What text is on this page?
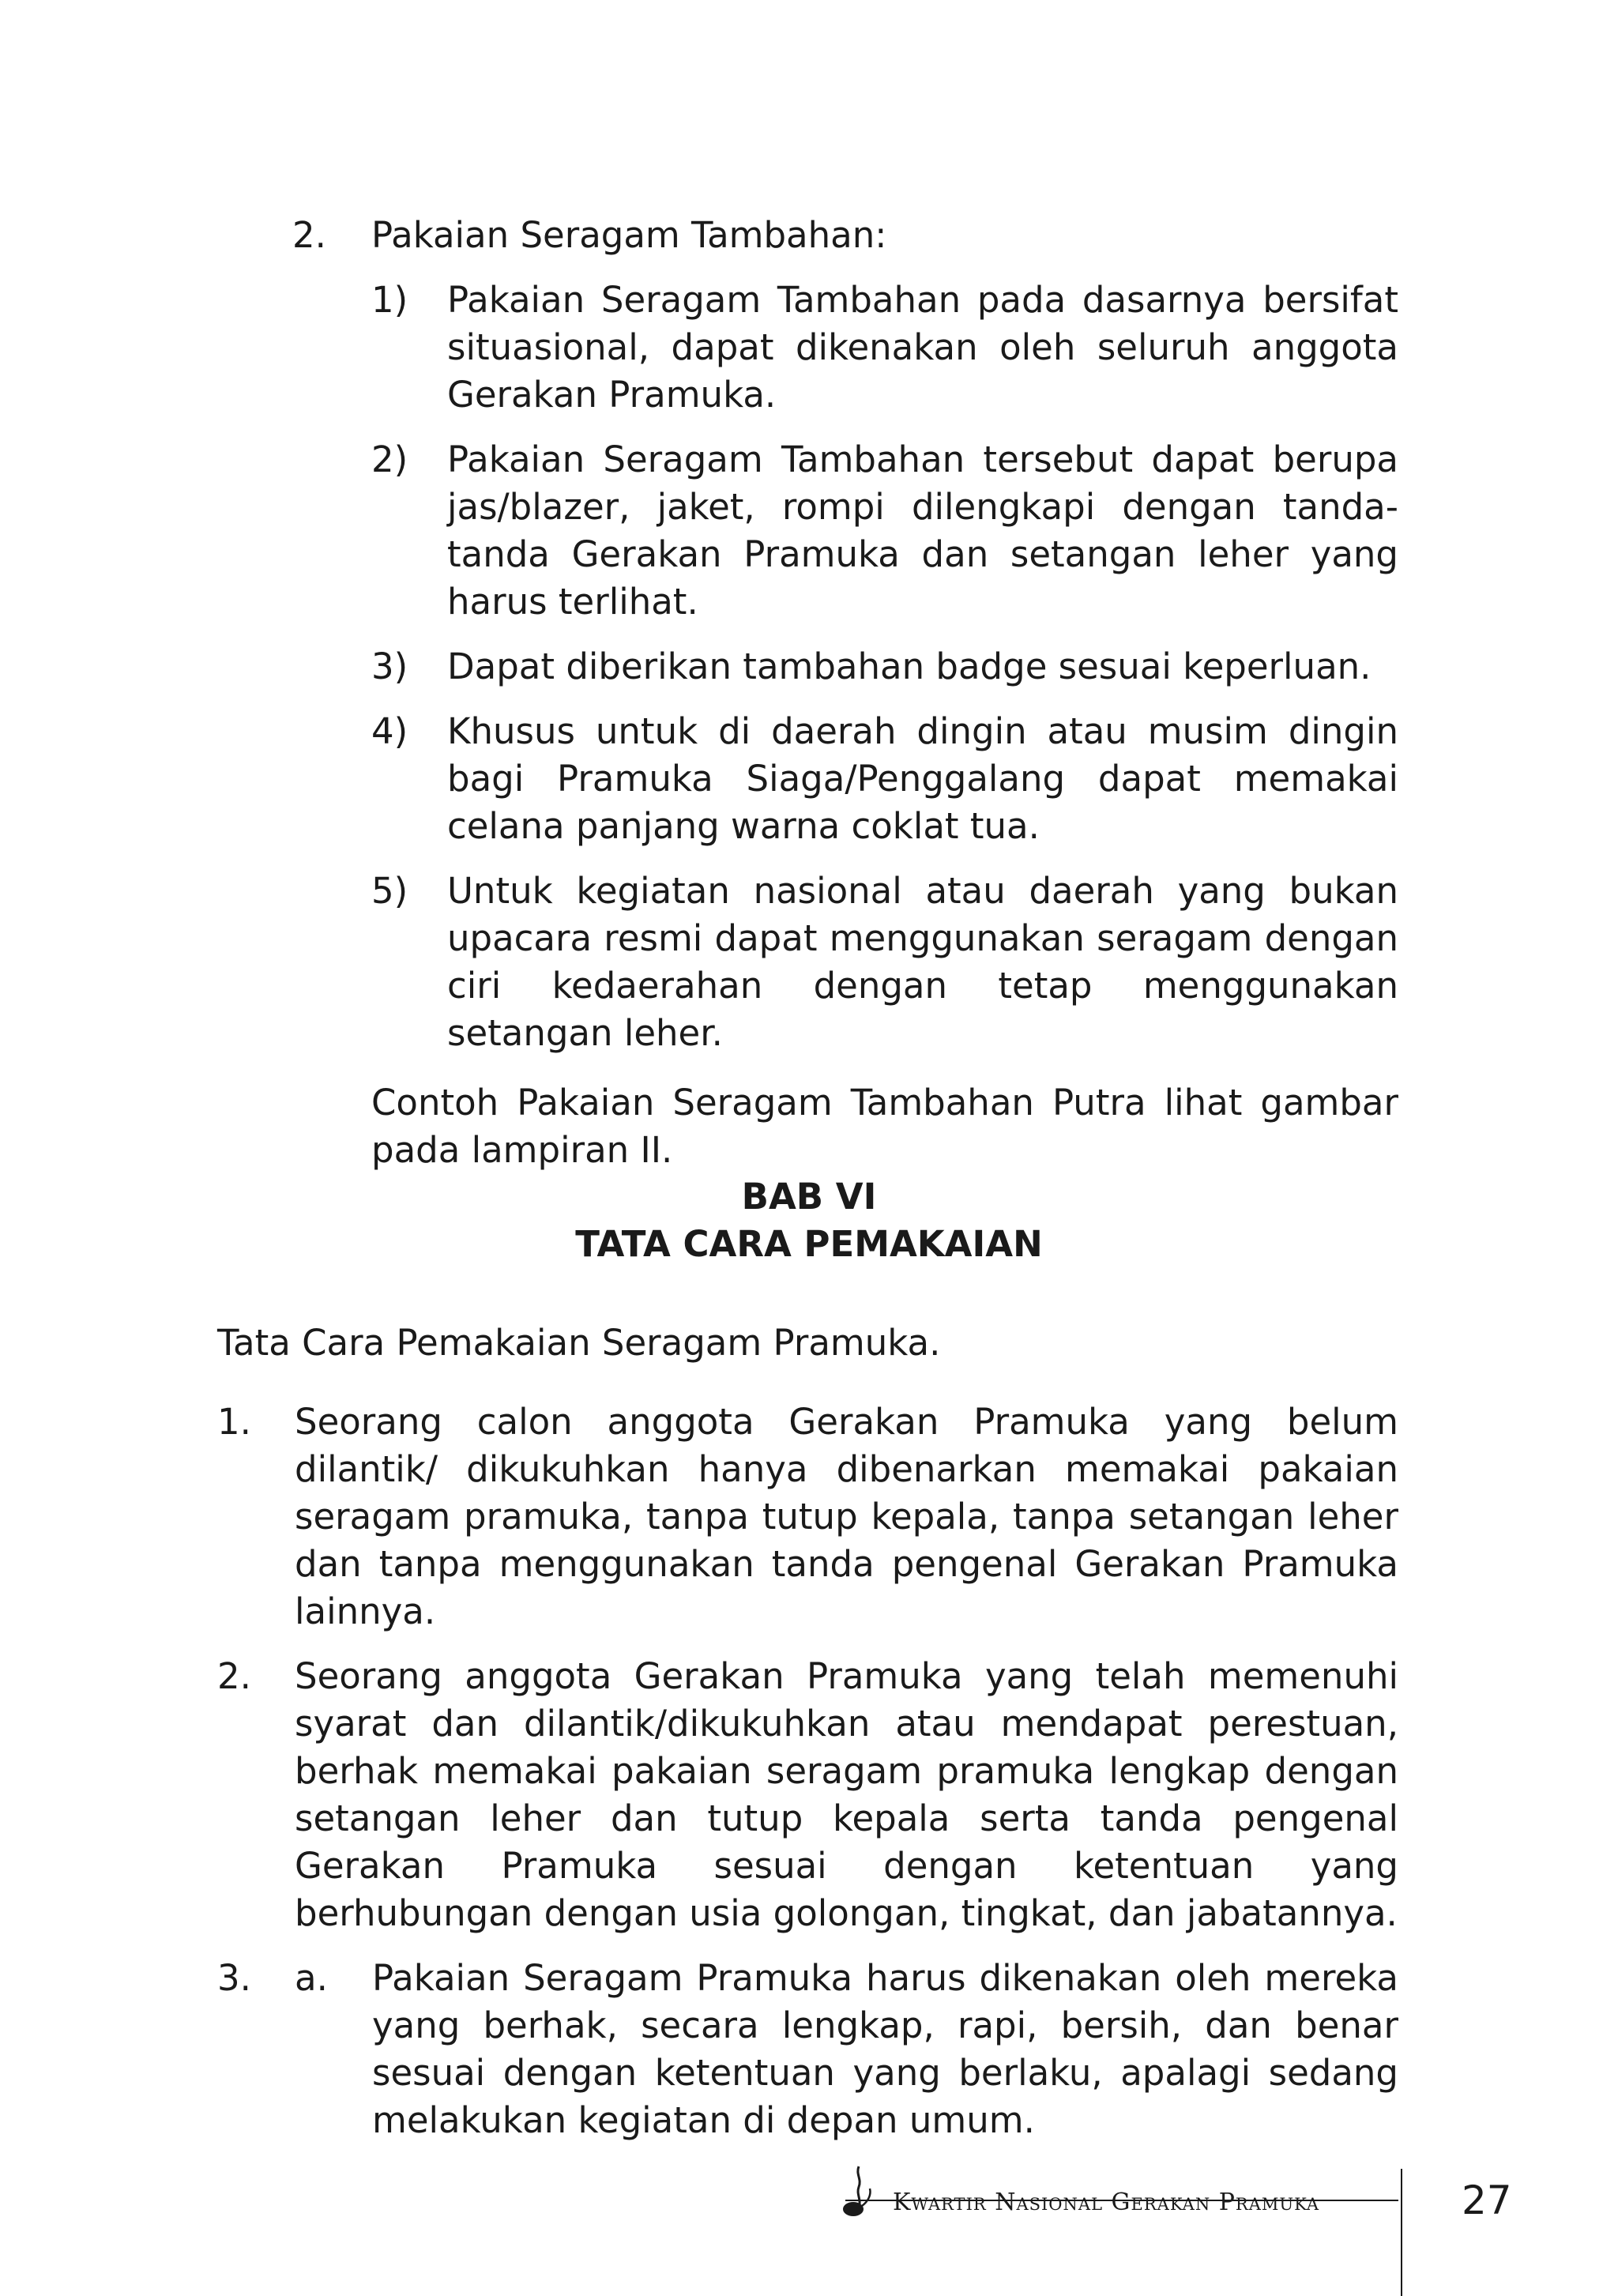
2.	Pakaian Seragam Tambahan:
1)	Pakaian Seragam Tambahan pada dasarnya bersifat situasional, dapat dikenakan oleh seluruh anggota Gerakan Pramuka.
2)	Pakaian Seragam Tambahan tersebut dapat berupa jas/blazer, jaket, rompi dilengkapi dengan tanda-tanda Gerakan Pramuka dan setangan leher yang harus terlihat.
3)	Dapat diberikan tambahan badge sesuai keperluan.
4)	Khusus untuk di daerah dingin atau musim dingin bagi Pramuka Siaga/Penggalang dapat memakai celana panjang warna coklat tua.
5)	Untuk kegiatan nasional atau daerah yang bukan upacara resmi dapat menggunakan seragam dengan ciri kedaerahan dengan tetap menggunakan setangan leher.
Contoh Pakaian Seragam Tambahan Putra lihat gambar pada lampiran II.
BAB VI
TATA CARA PEMAKAIAN
Tata Cara Pemakaian Seragam Pramuka.
1.	Seorang calon anggota Gerakan Pramuka yang belum dilantik/ dikukuhkan hanya dibenarkan memakai pakaian seragam pramuka, tanpa tutup kepala, tanpa setangan leher dan tanpa menggunakan tanda pengenal Gerakan Pramuka lainnya.
2.	Seorang anggota Gerakan Pramuka yang telah memenuhi syarat dan dilantik/dikukuhkan atau mendapat perestuan, berhak memakai pakaian seragam pramuka lengkap dengan setangan leher dan tutup kepala serta tanda pengenal Gerakan Pramuka sesuai dengan ketentuan yang berhubungan dengan usia golongan, tingkat, dan jabatannya.
3.	a.	Pakaian Seragam Pramuka harus dikenakan oleh mereka yang berhak, secara lengkap, rapi, bersih, dan benar sesuai dengan ketentuan yang berlaku, apalagi sedang melakukan kegiatan di depan umum.
Kwartir Nasional Gerakan Pramuka	27
